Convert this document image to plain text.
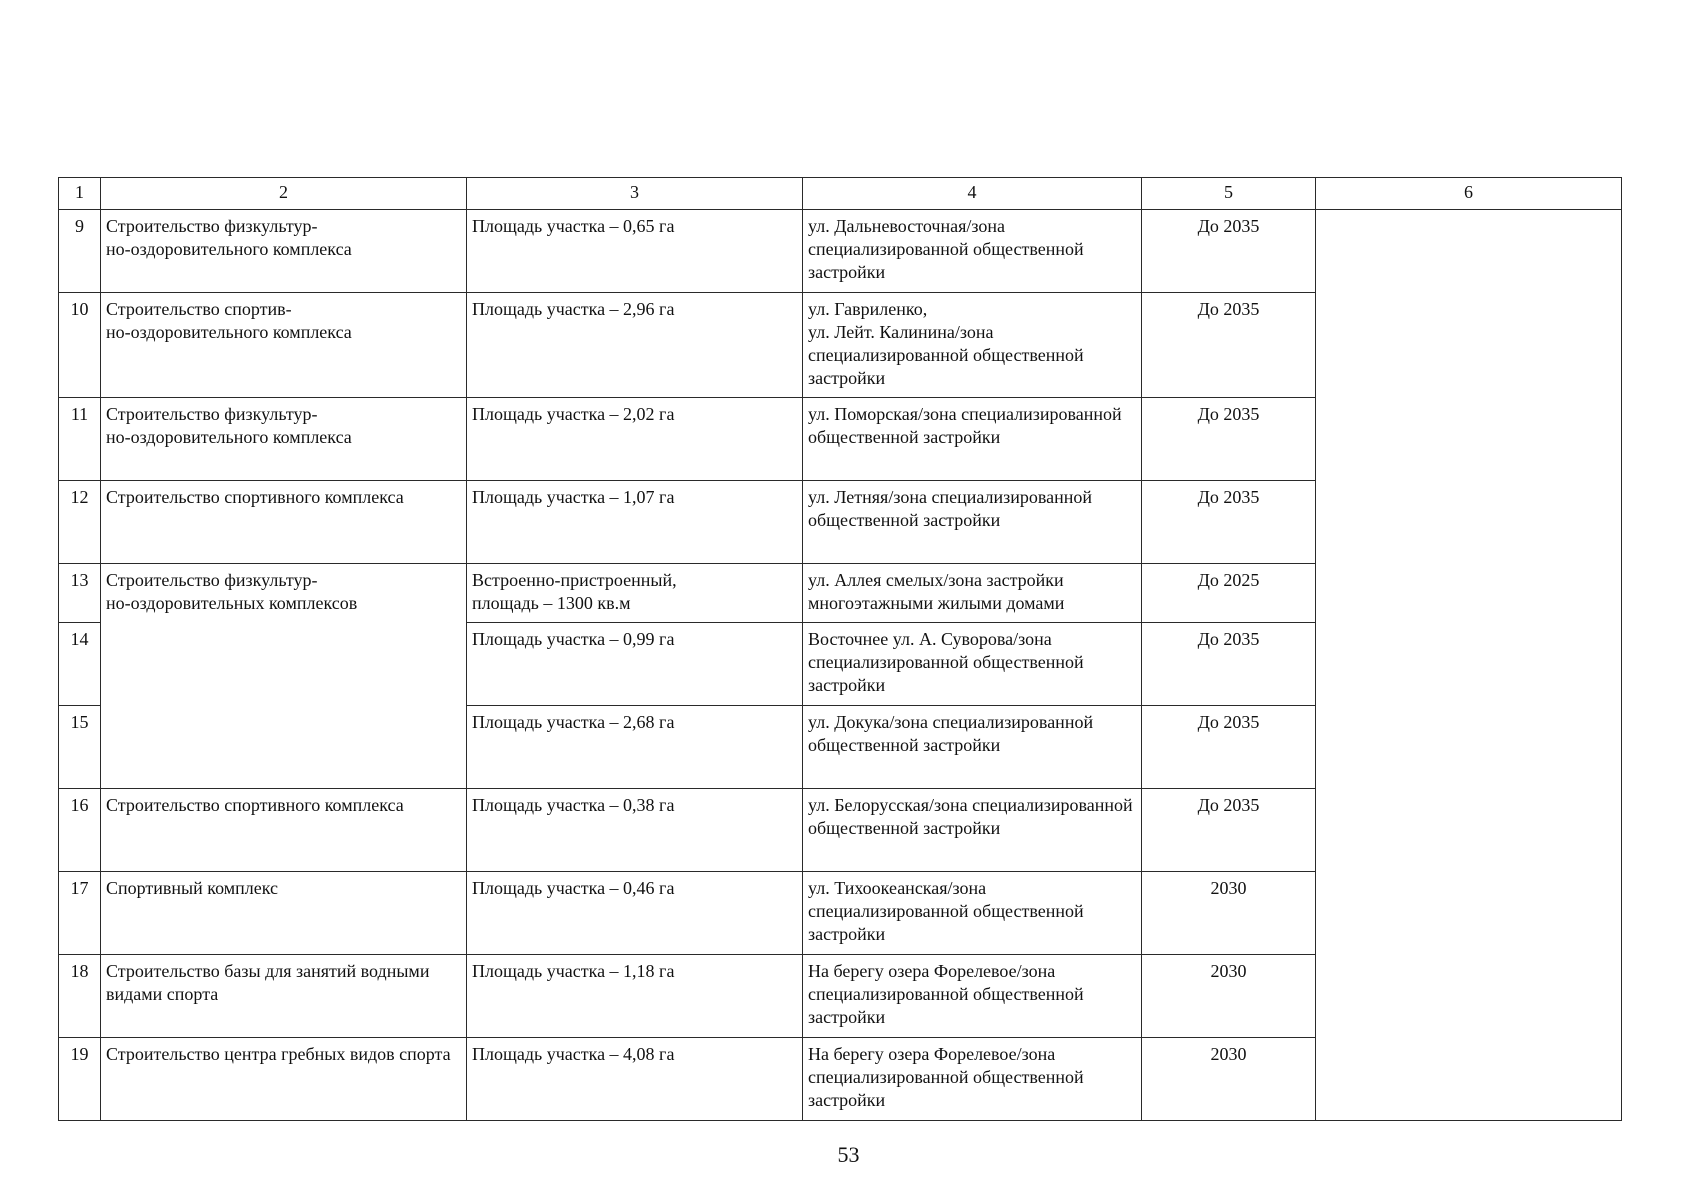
1	2	3	4	5	6
9	Строительство физкультур-
но-оздоровительного комплекса	Площадь участка – 0,65 га	ул. Дальневосточная/зона специализированной общественной застройки	До 2035	
10	Строительство спортив-
но-оздоровительного комплекса	Площадь участка – 2,96 га	ул. Гавриленко,
ул. Лейт. Калинина/зона специализированной общественной застройки	До 2035	
11	Строительство физкультур-
но-оздоровительного комплекса	Площадь участка – 2,02 га	ул. Поморская/зона специализированной общественной застройки	До 2035	
12	Строительство спортивного комплекса	Площадь участка – 1,07 га	ул. Летняя/зона специализированной общественной застройки	До 2035	
13	Строительство физкультур-
но-оздоровительных комплексов	Встроенно-пристроенный,
площадь – 1300 кв.м	ул. Аллея смелых/зона застройки многоэтажными жилыми домами	До 2025	
14		Площадь участка – 0,99 га	Восточнее ул. А. Суворова/зона специализированной общественной застройки	До 2035	
15		Площадь участка – 2,68 га	ул. Докука/зона специализированной общественной застройки	До 2035	
16	Строительство спортивного комплекса	Площадь участка – 0,38 га	ул. Белорусская/зона специализированной общественной застройки	До 2035	
17	Спортивный комплекс	Площадь участка – 0,46 га	ул. Тихоокеанская/зона специализированной общественной застройки	2030	
18	Строительство базы для занятий водными видами спорта	Площадь участка – 1,18 га	На берегу озера Форелевое/зона специализированной общественной застройки	2030	
19	Строительство центра гребных видов спорта	Площадь участка – 4,08 га	На берегу озера Форелевое/зона специализированной общественной застройки	2030	
53
